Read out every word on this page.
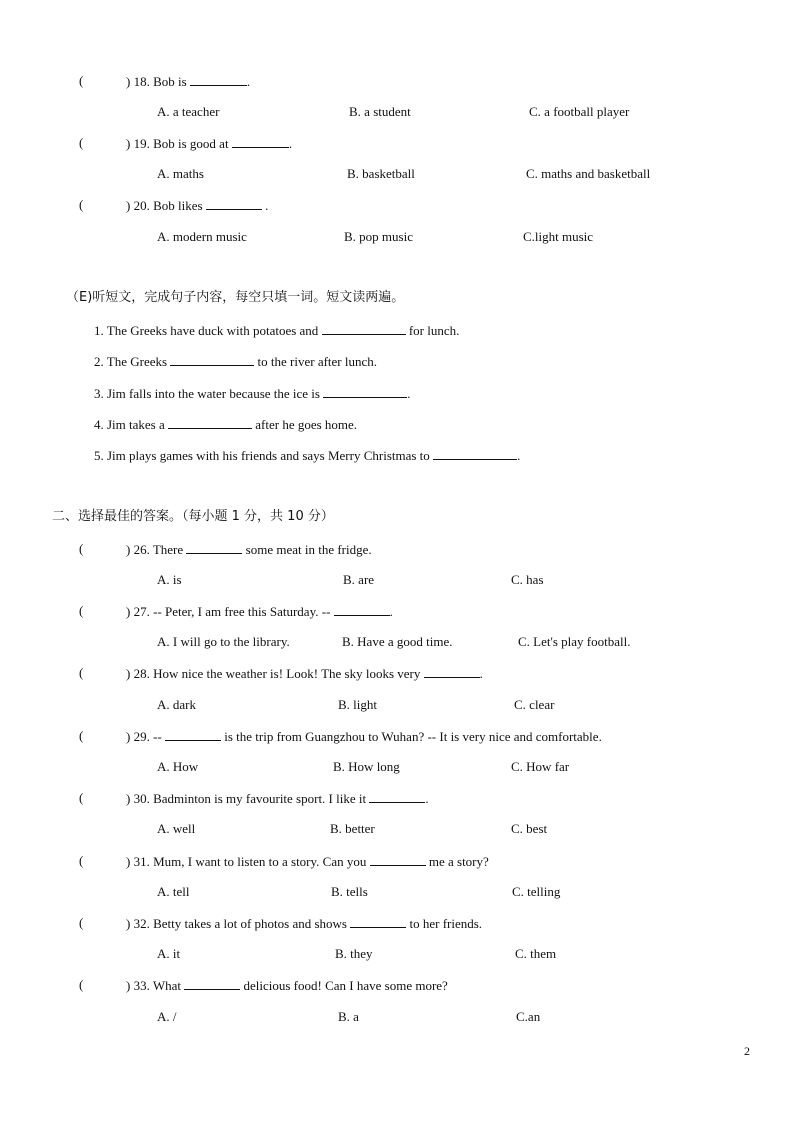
(	) 18. Bob is	.
A. a teacher	B. a student	C. a football player
(	) 19. Bob is good at	.
A. maths	B. basketball	C. maths and basketball
(	) 20. Bob likes	.
A. modern music	B. pop music	C.light music
（E)听短文，完成句子内容，每空只填一词。短文读两遍。
1. The Greeks have duck with potatoes and	for lunch.
2. The Greeks	to the river after lunch.
3. Jim falls into the water because the ice is	.
4. Jim takes a	after he goes home.
5. Jim plays games with his friends and says Merry Christmas to	.
二、选择最佳的答案。（每小题 1 分，共 10 分）
(	) 26. There	some meat in the fridge.
A. is	B. are	C. has
(	) 27. -- Peter, I am free this Saturday. --	.
A. I will go to the library.	B. Have a good time.	C. Let's play football.
(	) 28. How nice the weather is! Look! The sky looks very	.
A. dark	B. light	C. clear
(	) 29. --	is the trip from Guangzhou to Wuhan? -- It is very nice and comfortable.
A. How	B. How long	C. How far
(	) 30. Badminton is my favourite sport. I like it	.
A. well	B. better	C. best
(	) 31. Mum, I want to listen to a story. Can you	me a story?
A. tell	B. tells	C. telling
(	) 32. Betty takes a lot of photos and shows	to her friends.
A. it	B. they	C. them
(	) 33. What	delicious food! Can I have some more?
A. /	B. a	C.an
2
